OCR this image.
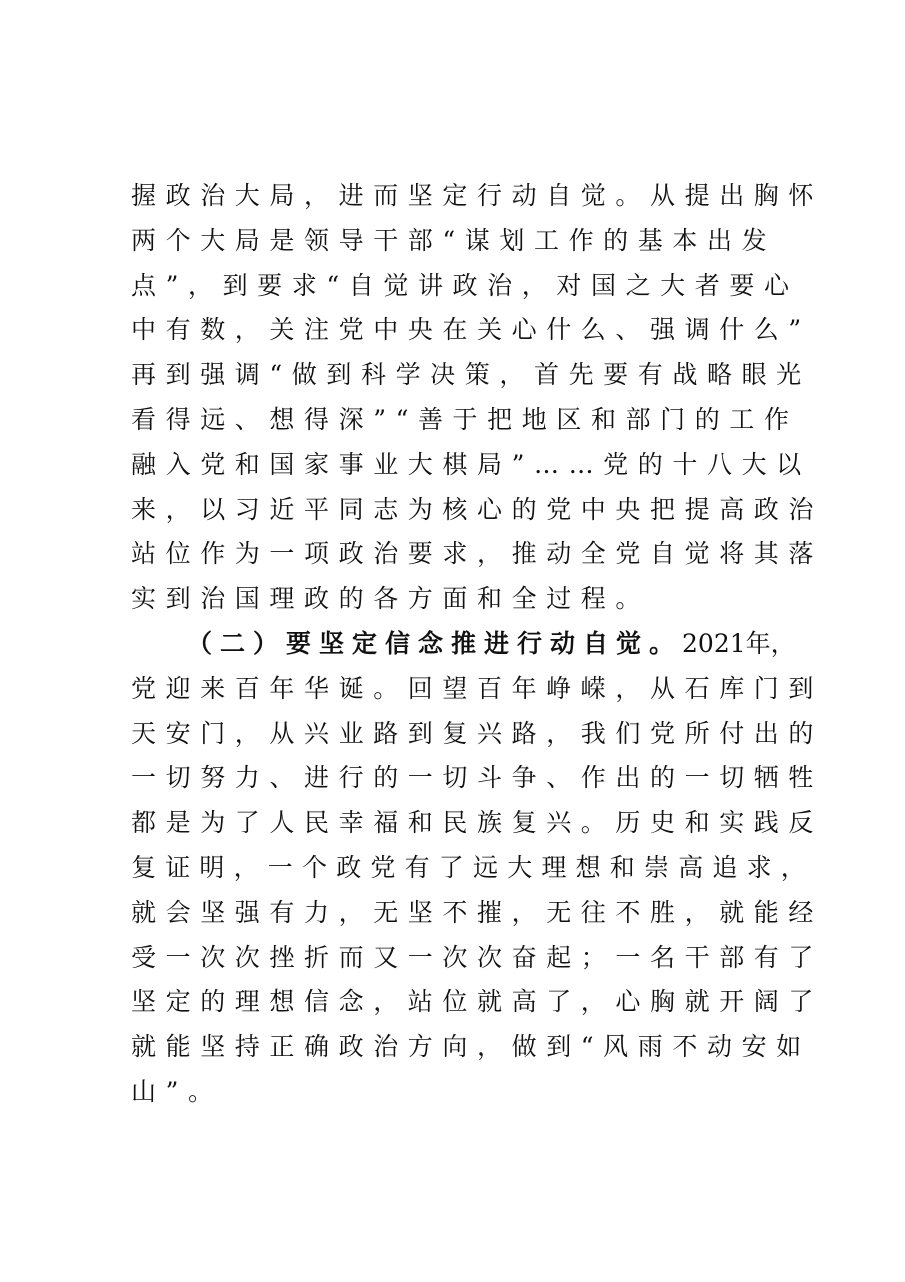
握政治大局，进而坚定行动自觉。从提出胸怀
两个大局是领导干部“谋划工作的基本出发
点”，到要求“自觉讲政治，对国之大者要心
中有数，关注党中央在关心什么、强调什么”
再到强调“做到科学决策，首先要有战略眼光
看得远、想得深”“善于把地区和部门的工作
融入党和国家事业大棋局”……党的十八大以
来，以习近平同志为核心的党中央把提高政治
站位作为一项政治要求，推动全党自觉将其落
实到治国理政的各方面和全过程。
（二）要坚定信念推进行动自觉。2021年，
党迎来百年华诞。回望百年峥嵘，从石库门到
天安门，从兴业路到复兴路，我们党所付出的
一切努力、进行的一切斗争、作出的一切牺牲
都是为了人民幸福和民族复兴。历史和实践反
复证明，一个政党有了远大理想和崇高追求，
就会坚强有力，无坚不摧，无往不胜，就能经
受一次次挫折而又一次次奋起；一名干部有了
坚定的理想信念，站位就高了，心胸就开阔了
就能坚持正确政治方向，做到“风雨不动安如
山”。
